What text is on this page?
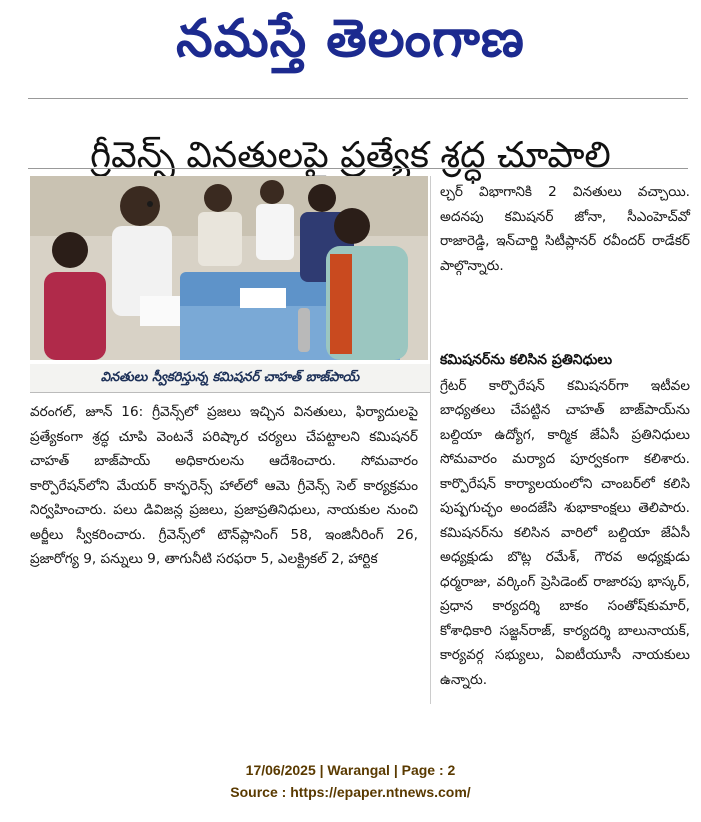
నమస్తే తెలంగాణ
గ్రీవెన్స్ వినతులపై ప్రత్యేక శ్రద్ధ చూపాలి
వినతులు స్వీకరిస్తున్న కమిషనర్ చాహత్ బాజ్‌పాయ్

ల్చర్ విభాగానికి 2 వినతులు వచ్చాయి. అదనపు కమిషనర్ జోనా, సీఎంహెచ్‌వో రాజారెడ్డి, ఇన్‌చార్జి సిటీప్లానర్ రవీందర్ రాడేకర్ పాల్గొన్నారు.

కమిషనర్‌ను కలిసిన ప్రతినిధులు

గ్రేటర్ కార్పొరేషన్ కమిషనర్‌గా ఇటీవల బాధ్యతలు చేపట్టిన చాహత్ బాజ్‌పాయ్‌ను బల్దియా ఉద్యోగ, కార్మిక జేఏసీ ప్రతినిధులు సోమవారం మర్యాద పూర్వకంగా కలిశారు. కార్పొరేషన్ కార్యాలయంలోని చాంబర్‌లో కలిసి పుష్పగుచ్ఛం అందజేసి శుభాకాంక్షలు తెలిపారు. కమిషనర్‌ను కలిసిన వారిలో బల్దియా జేఏసీ అధ్యక్షుడు బొట్ల రమేశ్, గౌరవ అధ్యక్షుడు ధర్మరాజు, వర్కింగ్ ప్రెసిడెంట్ రాజారపు భాస్కర్, ప్రధాన కార్యదర్శి బాకం సంతోష్‌కుమార్, కోశాధికారి సజ్జన్‌రాజ్, కార్యదర్శి బాలునాయక్, కార్యవర్గ సభ్యులు, ఏఐటీయూసీ నాయకులు ఉన్నారు.

వరంగల్, జూన్ 16: గ్రీవెన్స్‌లో ప్రజలు ఇచ్చిన వినతులు, ఫిర్యాదులపై ప్రత్యేకంగా శ్రద్ధ చూపి వెంటనే పరిష్కార చర్యలు చేపట్టాలని కమిషనర్ చాహత్ బాజ్‌పాయ్ అధికారులను ఆదేశించారు. సోమవారం కార్పొరేషన్‌లోని మేయర్ కాన్ఫరెన్స్ హాల్‌లో ఆమె గ్రీవెన్స్ సెల్ కార్యక్రమం నిర్వహించారు. పలు డివిజన్ల ప్రజలు, ప్రజాప్రతినిధులు, నాయకుల నుంచి అర్జీలు స్వీకరించారు. గ్రీవెన్స్‌లో టౌన్‌ప్లానింగ్ 58, ఇంజినీరింగ్ 26, ప్రజారోగ్య 9, పన్నులు 9, తాగునీటి సరఫరా 5, ఎలక్ట్రికల్ 2, హార్టిక

17/06/2025 | Warangal | Page : 2
Source : https://epaper.ntnews.com/
